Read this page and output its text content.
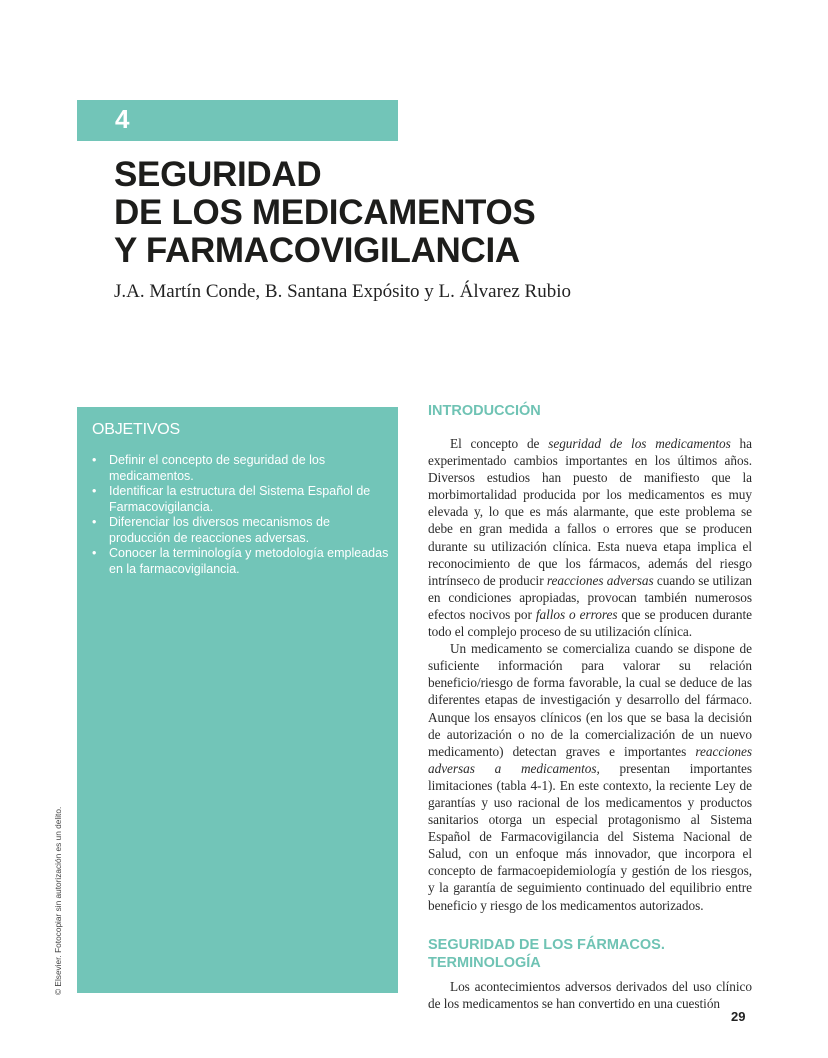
4
SEGURIDAD
DE LOS MEDICAMENTOS
Y FARMACOVIGILANCIA
J.A. Martín Conde, B. Santana Expósito y L. Álvarez Rubio
OBJETIVOS
• Definir el concepto de seguridad de los medicamentos.
• Identificar la estructura del Sistema Español de Farmacovigilancia.
• Diferenciar los diversos mecanismos de producción de reacciones adversas.
• Conocer la terminología y metodología empleadas en la farmacovigilancia.
INTRODUCCIÓN

El concepto de seguridad de los medicamentos ha experimentado cambios importantes en los últimos años. Diversos estudios han puesto de manifiesto que la morbimortalidad producida por los medicamentos es muy elevada y, lo que es más alarmante, que este problema se debe en gran medida a fallos o errores que se producen durante su utilización clínica. Esta nueva etapa implica el reconocimiento de que los fármacos, además del riesgo intrínseco de producir reacciones adversas cuando se utilizan en condiciones apropiadas, provocan también numerosos efectos nocivos por fallos o errores que se producen durante todo el complejo proceso de su utilización clínica.

Un medicamento se comercializa cuando se dispone de suficiente información para valorar su relación beneficio/riesgo de forma favorable, la cual se deduce de las diferentes etapas de investigación y desarrollo del fármaco. Aunque los ensayos clínicos (en los que se basa la decisión de autorización o no de la comercialización de un nuevo medicamento) detectan graves e importantes reacciones adversas a medicamentos, presentan importantes limitaciones (tabla 4-1). En este contexto, la reciente Ley de garantías y uso racional de los medicamentos y productos sanitarios otorga un especial protagonismo al Sistema Español de Farmacovigilancia del Sistema Nacional de Salud, con un enfoque más innovador, que incorpora el concepto de farmacoepidemiología y gestión de los riesgos, y la garantía de seguimiento continuado del equilibrio entre beneficio y riesgo de los medicamentos autorizados.

SEGURIDAD DE LOS FÁRMACOS.
TERMINOLOGÍA

Los acontecimientos adversos derivados del uso clínico de los medicamentos se han convertido en una cuestión

29
© Elsevier. Fotocopiar sin autorización es un delito.
